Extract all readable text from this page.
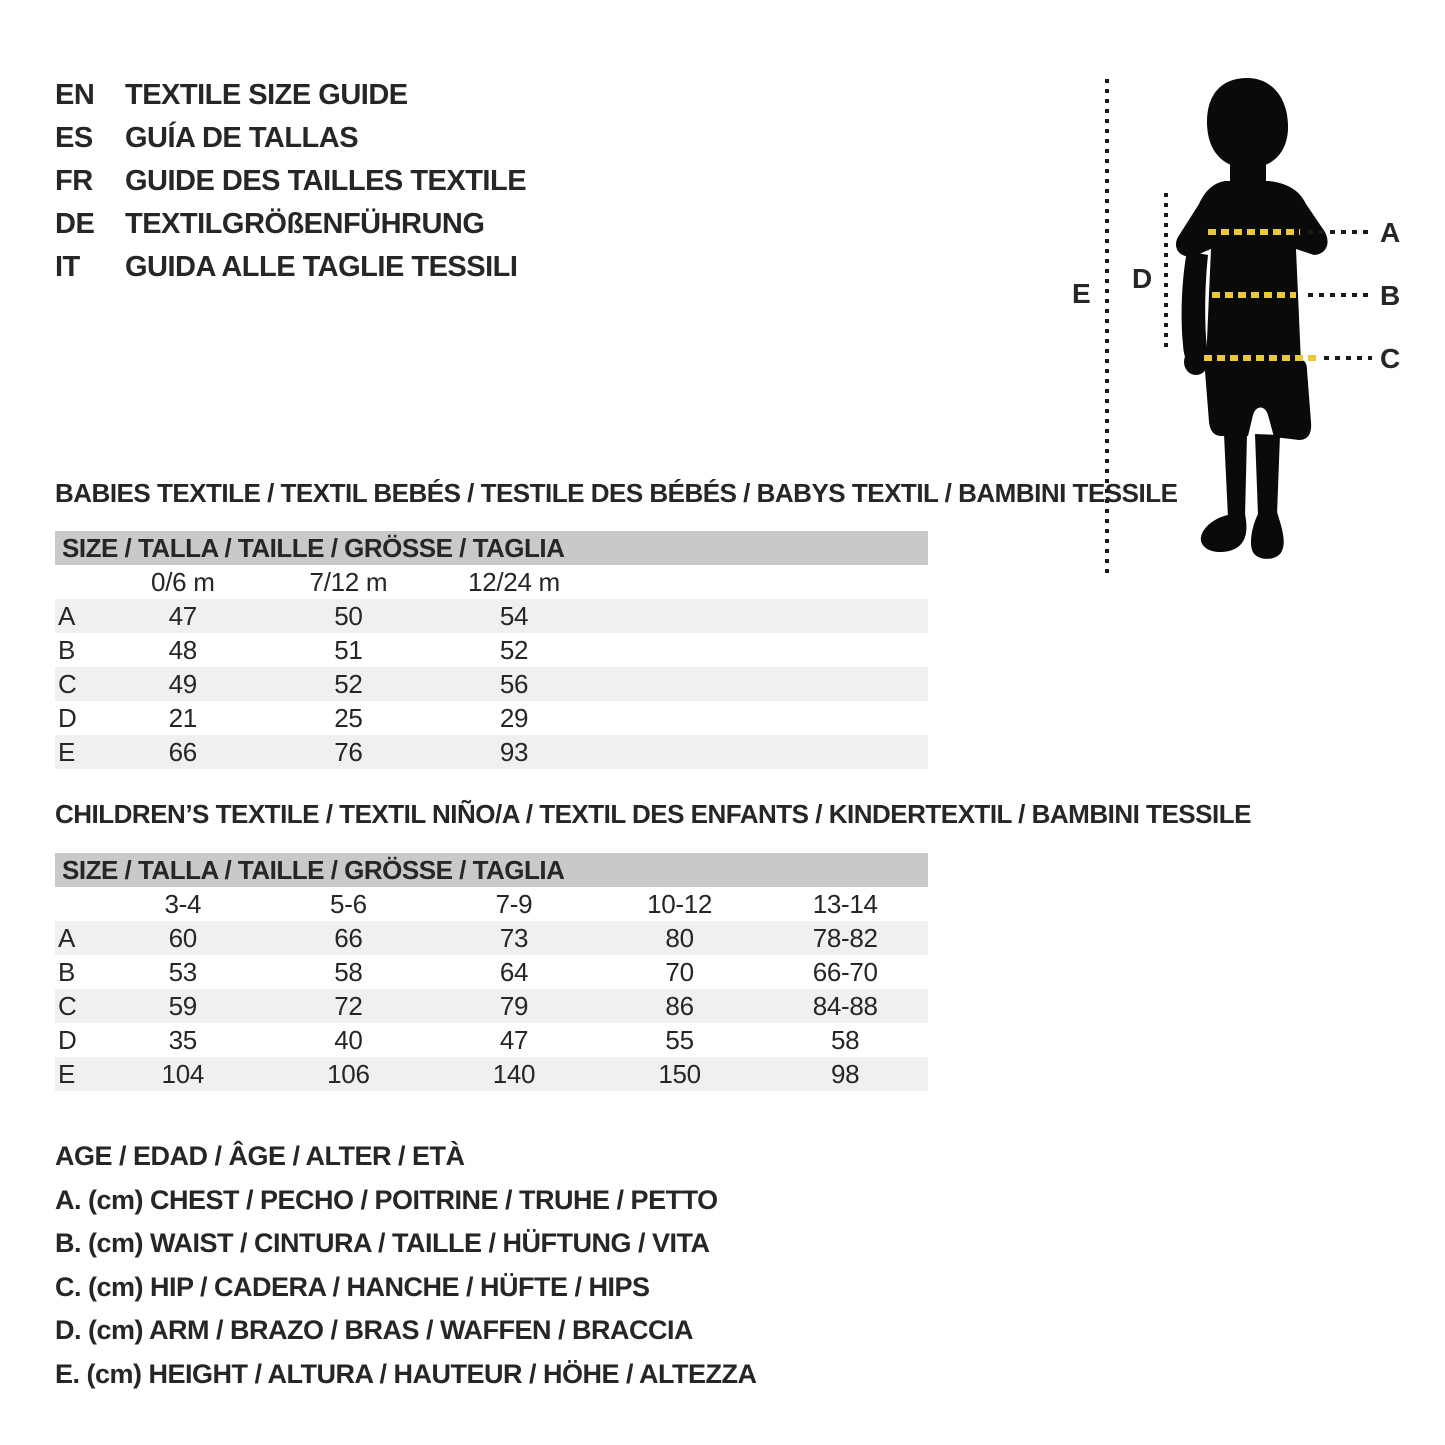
EN	TEXTILE SIZE GUIDE
ES	GUÍA DE TALLAS
FR	GUIDE DES TAILLES TEXTILE
DE	TEXTILGRÖßENFÜHRUNG
IT	GUIDA ALLE TAGLIE TESSILI
A
B
C
D
E
BABIES TEXTILE / TEXTIL BEBÉS / TESTILE DES BÉBÉS / BABYS TEXTIL / BAMBINI TESSILE
SIZE / TALLA / TAILLE / GRÖSSE / TAGLIA
	0/6 m	7/12 m	12/24 m		
A	47	50	54		
B	48	51	52		
C	49	52	56		
D	21	25	29		
E	66	76	93		
CHILDREN’S TEXTILE / TEXTIL NIÑO/A / TEXTIL DES ENFANTS / KINDERTEXTIL / BAMBINI TESSILE
SIZE / TALLA / TAILLE / GRÖSSE / TAGLIA
	3-4	5-6	7-9	10-12	13-14
A	60	66	73	80	78-82
B	53	58	64	70	66-70
C	59	72	79	86	84-88
D	35	40	47	55	58
E	104	106	140	150	98
AGE / EDAD / ÂGE / ALTER / ETÀ
A. (cm) CHEST / PECHO / POITRINE / TRUHE / PETTO
B. (cm) WAIST / CINTURA / TAILLE / HÜFTUNG / VITA
C. (cm) HIP / CADERA / HANCHE / HÜFTE / HIPS
D. (cm) ARM / BRAZO / BRAS / WAFFEN / BRACCIA
E. (cm) HEIGHT / ALTURA / HAUTEUR / HÖHE / ALTEZZA
